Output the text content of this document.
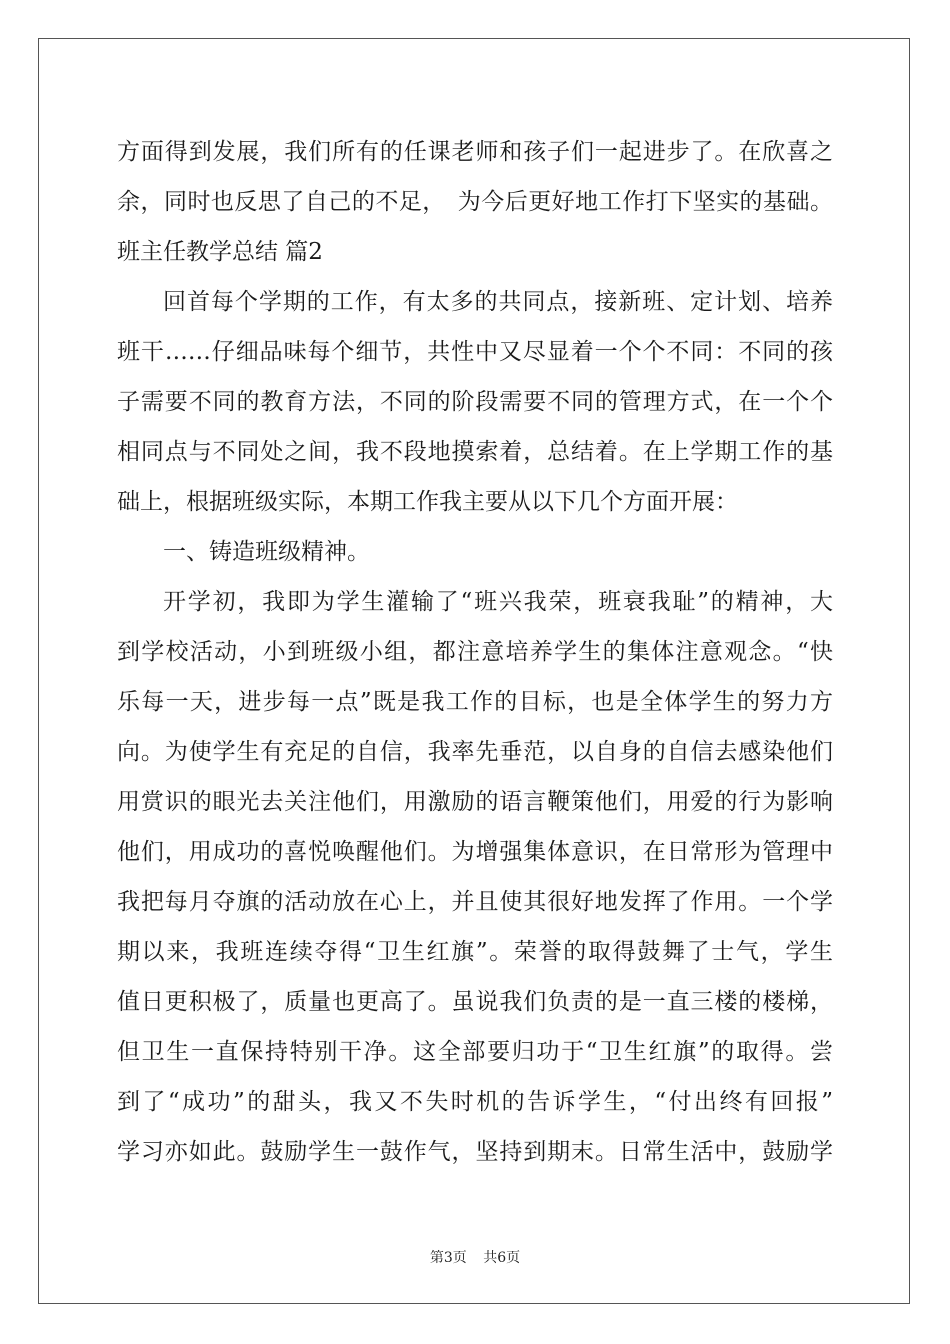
方面得到发展，我们所有的任课老师和孩子们一起进步了。在欣喜之
余，同时也反思了自己的不足，　为今后更好地工作打下坚实的基础。
班主任教学总结 篇2
回首每个学期的工作，有太多的共同点，接新班、定计划、培养
班干……仔细品味每个细节，共性中又尽显着一个个不同：不同的孩
子需要不同的教育方法，不同的阶段需要不同的管理方式，在一个个
相同点与不同处之间，我不段地摸索着，总结着。在上学期工作的基
础上，根据班级实际，本期工作我主要从以下几个方面开展：
一、铸造班级精神。
开学初，我即为学生灌输了“班兴我荣，班衰我耻”的精神，大
到学校活动，小到班级小组，都注意培养学生的集体注意观念。“快
乐每一天，进步每一点”既是我工作的目标，也是全体学生的努力方
向。为使学生有充足的自信，我率先垂范，以自身的自信去感染他们
用赏识的眼光去关注他们，用激励的语言鞭策他们，用爱的行为影响
他们，用成功的喜悦唤醒他们。为增强集体意识，在日常形为管理中
我把每月夺旗的活动放在心上，并且使其很好地发挥了作用。一个学
期以来，我班连续夺得“卫生红旗”。荣誉的取得鼓舞了士气，学生
值日更积极了，质量也更高了。虽说我们负责的是一直三楼的楼梯，
但卫生一直保持特别干净。这全部要归功于“卫生红旗”的取得。尝
到了“成功”的甜头，我又不失时机的告诉学生，“付出终有回报”
学习亦如此。鼓励学生一鼓作气，坚持到期末。日常生活中，鼓励学
第3页 共6页
